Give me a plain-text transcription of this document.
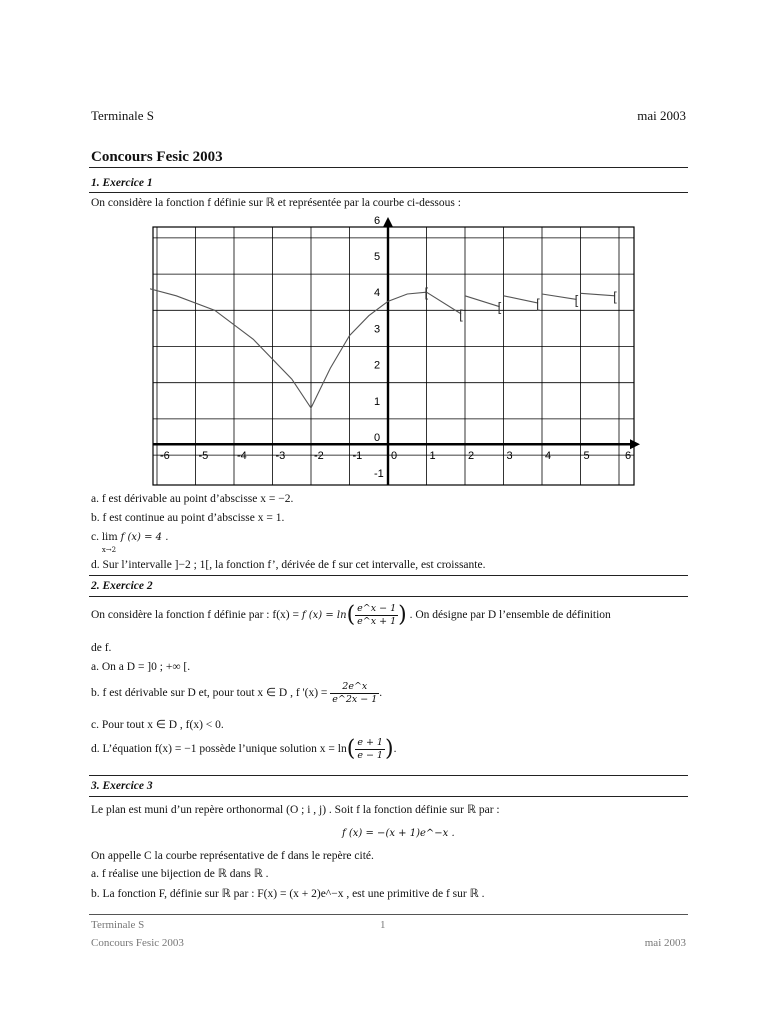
Terminale S	mai 2003
Concours Fesic 2003
1. Exercice 1
On considère la fonction f définie sur ℝ et représentée par la courbe ci-dessous :
-6	-5	-4	-3	-2	-1	0	1	2	3	4	5	6
-1
0
1
2
3
4
5
6
[
[	[	[	[	[
a. f est dérivable au point d’abscisse x = −2.
b. f est continue au point d’abscisse x = 1.
c. lim
x→2
f (x) = 4 .
d. Sur l’intervalle ]−2 ; 1[, la fonction f’, dérivée de f sur cet intervalle, est croissante.
2. Exercice 2
On considère la fonction f définie par : f(x) = f $(x) = \ln( \frac{e\^{}x - 1}{e\^{}x + 1}$ ) . On désigne par D l’ensemble de définition
de f.
a. On a D = ]0 ; +∞ [.
b. f est dérivable sur D et, pour tout x ∈ D , f '$(x) = \frac{2e\^{}x}{e\^{}2x - 1}$ .
c. Pour tout x ∈ D , f(x) < 0.
d. L’équation f(x) = −1 possède l’unique solution $x = \ln( \frac{e + 1}{e - 1}$ ).
3. Exercice 3
Le plan est muni d’un repère orthonormal (O ; i , j) . Soit f la fonction définie sur ℝ par :
f (x) = −(x + 1)e^−x .
On appelle C la courbe représentative de f dans le repère cité.
a. f réalise une bijection de ℝ dans ℝ .
b. La fonction F, définie sur ℝ par : F(x) = (x + 2)e^−x , est une primitive de f sur ℝ .
Terminale S	1
Concours Fesic 2003	mai 2003
